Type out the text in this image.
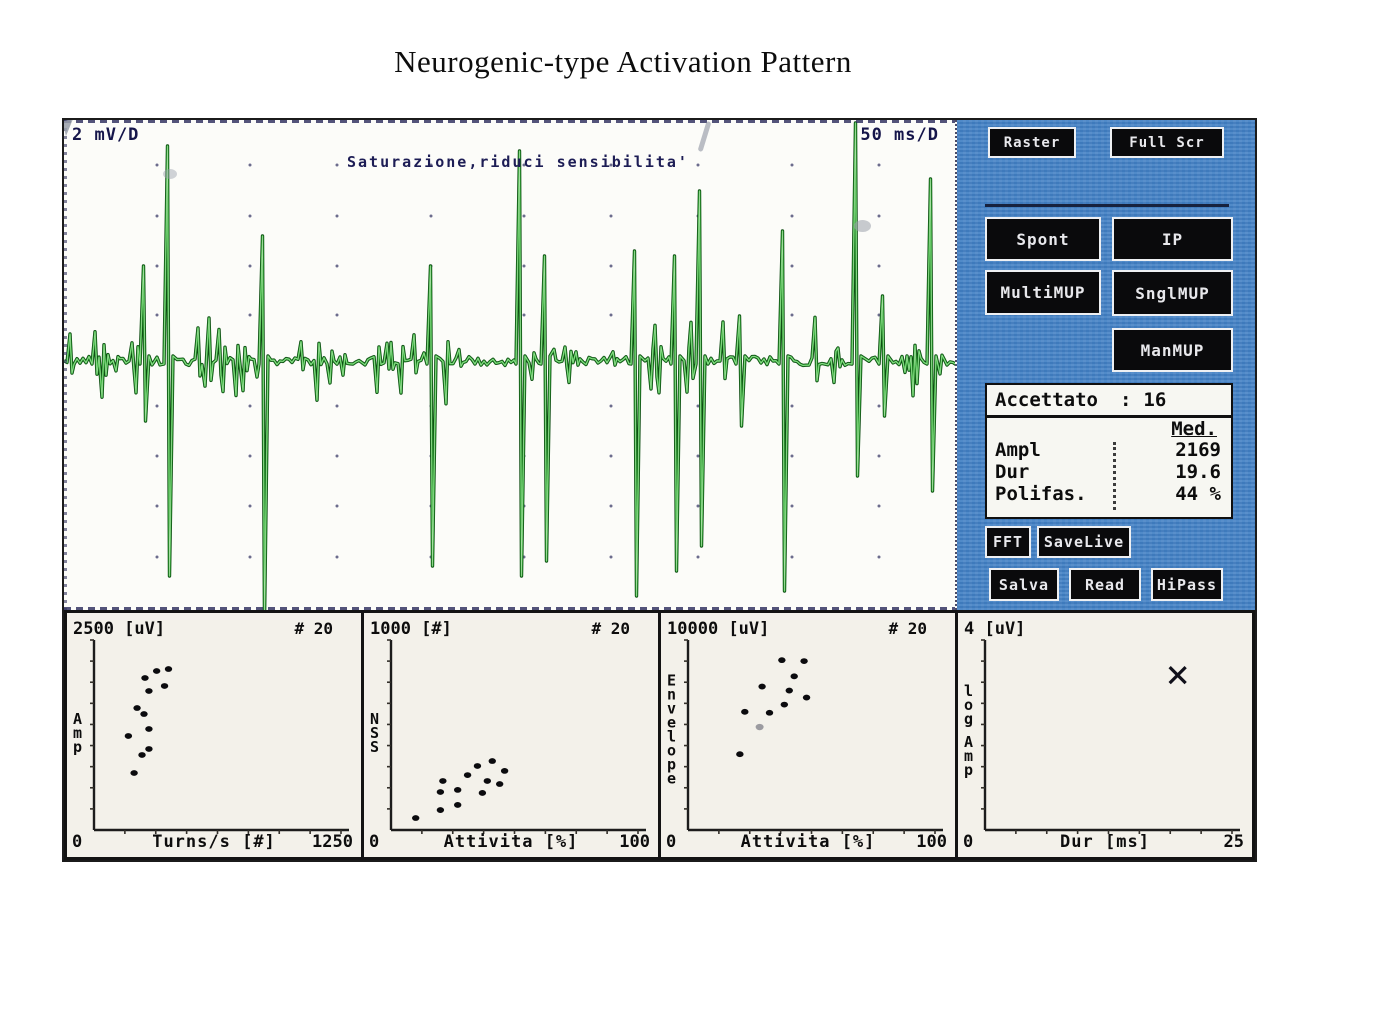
Neurogenic-type Activation Pattern
2 mV/D	50 ms/D
Saturazione,riduci sensibilita'
Raster	Full Scr
Spont	IP
MultiMUP	SnglMUP
ManMUP
Accettato : 16
Med.
Ampl	2169
Dur	19.6
Polifas.	44 %
FFT	SaveLive
Salva	Read	HiPass
2500 [uV]	# 20
A
m
p
0	Turns/s [#]	1250
1000 [#]	# 20
N
S
S
0	Attivita [%]	100
10000 [uV]	# 20
E
n
v
e
l
o
p
e
0	Attivita [%]	100
4 [uV]
l
o
g
A
m
p
0	Dur [ms]	25
